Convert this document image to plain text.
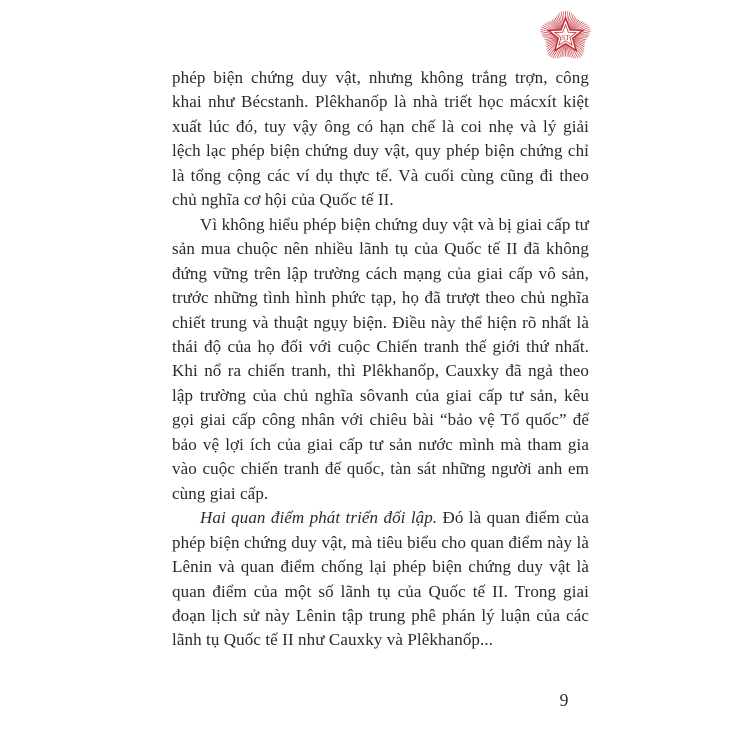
ST

phép biện chứng duy vật, nhưng không trắng trợn, công khai như Bécstanh. Plêkhanốp là nhà triết học mácxít kiệt xuất lúc đó, tuy vậy ông có hạn chế là coi nhẹ và lý giải lệch lạc phép biện chứng duy vật, quy phép biện chứng chỉ là tổng cộng các ví dụ thực tế. Và cuối cùng cũng đi theo chủ nghĩa cơ hội của Quốc tế II.

Vì không hiểu phép biện chứng duy vật và bị giai cấp tư sản mua chuộc nên nhiều lãnh tụ của Quốc tế II đã không đứng vững trên lập trường cách mạng của giai cấp vô sản, trước những tình hình phức tạp, họ đã trượt theo chủ nghĩa chiết trung và thuật ngụy biện. Điều này thể hiện rõ nhất là thái độ của họ đối với cuộc Chiến tranh thế giới thứ nhất. Khi nổ ra chiến tranh, thì Plêkhanốp, Cauxky đã ngả theo lập trường của chủ nghĩa sôvanh của giai cấp tư sản, kêu gọi giai cấp công nhân với chiêu bài “bảo vệ Tổ quốc” để bảo vệ lợi ích của giai cấp tư sản nước mình mà tham gia vào cuộc chiến tranh đế quốc, tàn sát những người anh em cùng giai cấp.

Hai quan điểm phát triển đối lập. Đó là quan điểm của phép biện chứng duy vật, mà tiêu biểu cho quan điểm này là Lênin và quan điểm chống lại phép biện chứng duy vật là quan điểm của một số lãnh tụ của Quốc tế II. Trong giai đoạn lịch sử này Lênin tập trung phê phán lý luận của các lãnh tụ Quốc tế II như Cauxky và Plêkhanốp...

9
